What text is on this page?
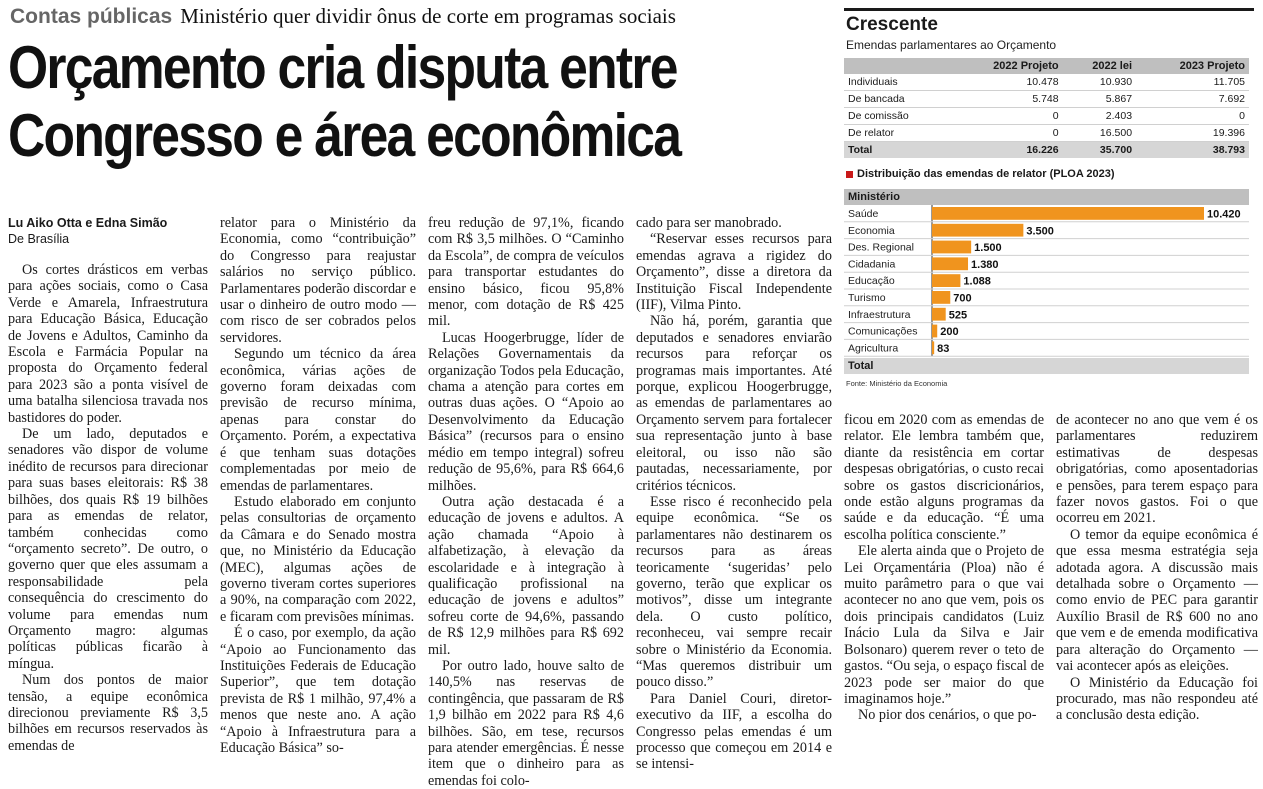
Contas públicas Ministério quer dividir ônus de corte em programas sociais
Orçamento cria disputa entre
Congresso e área econômica
Lu Aiko Otta e Edna Simão
De Brasília

Os cortes drásticos em verbas para ações sociais, como o Casa Verde e Amarela, Infraestrutura para Educação Básica, Educação de Jovens e Adultos, Caminho da Escola e Farmácia Popular na proposta do Orçamento federal para 2023 são a ponta visível de uma batalha silenciosa travada nos bastidores do poder.

De um lado, deputados e senadores vão dispor de volume inédito de recursos para direcionar para suas bases eleitorais: R$ 38 bilhões, dos quais R$ 19 bilhões para as emendas de relator, também conhecidas como “orçamento secreto”. De outro, o governo quer que eles assumam a responsabilidade pela consequência do crescimento do volume para emendas num Orçamento magro: algumas políticas públicas ficarão à míngua.

Num dos pontos de maior tensão, a equipe econômica direcionou previamente R$ 3,5 bilhões em recursos reservados às emendas de

relator para o Ministério da Economia, como “contribuição” do Congresso para reajustar salários no serviço público. Parlamentares poderão discordar e usar o dinheiro de outro modo — com risco de ser cobrados pelos servidores.

Segundo um técnico da área econômica, várias ações de governo foram deixadas com previsão de recurso mínima, apenas para constar do Orçamento. Porém, a expectativa é que tenham suas dotações complementadas por meio de emendas de parlamentares.

Estudo elaborado em conjunto pelas consultorias de orçamento da Câmara e do Senado mostra que, no Ministério da Educação (MEC), algumas ações de governo tiveram cortes superiores a 90%, na comparação com 2022, e ficaram com previsões mínimas.

É o caso, por exemplo, da ação “Apoio ao Funcionamento das Instituições Federais de Educação Superior”, que tem dotação prevista de R$ 1 milhão, 97,4% a menos que neste ano. A ação “Apoio à Infraestrutura para a Educação Básica” so-

freu redução de 97,1%, ficando com R$ 3,5 milhões. O “Caminho da Escola”, de compra de veículos para transportar estudantes do ensino básico, ficou 95,8% menor, com dotação de R$ 425 mil.

Lucas Hoogerbrugge, líder de Relações Governamentais da organização Todos pela Educação, chama a atenção para cortes em outras duas ações. O “Apoio ao Desenvolvimento da Educação Básica” (recursos para o ensino médio em tempo integral) sofreu redução de 95,6%, para R$ 664,6 milhões.

Outra ação destacada é a educação de jovens e adultos. A ação chamada “Apoio à alfabetização, à elevação da escolaridade e à integração à qualificação profissional na educação de jovens e adultos” sofreu corte de 94,6%, passando de R$ 12,9 milhões para R$ 692 mil.

Por outro lado, houve salto de 140,5% nas reservas de contingência, que passaram de R$ 1,9 bilhão em 2022 para R$ 4,6 bilhões. São, em tese, recursos para atender emergências. É nesse item que o dinheiro para as emendas foi colo-

cado para ser manobrado.

“Reservar esses recursos para emendas agrava a rigidez do Orçamento”, disse a diretora da Instituição Fiscal Independente (IIF), Vilma Pinto.

Não há, porém, garantia que deputados e senadores enviarão recursos para reforçar os programas mais importantes. Até porque, explicou Hoogerbrugge, as emendas de parlamentares ao Orçamento servem para fortalecer sua representação junto à base eleitoral, ou isso não são pautadas, necessariamente, por critérios técnicos.

Esse risco é reconhecido pela equipe econômica. “Se os parlamentares não destinarem os recursos para as áreas teoricamente ‘sugeridas’ pelo governo, terão que explicar os motivos”, disse um integrante dela. O custo político, reconheceu, vai sempre recair sobre o Ministério da Economia. “Mas queremos distribuir um pouco disso.”

Para Daniel Couri, diretor-executivo da IIF, a escolha do Congresso pelas emendas é um processo que começou em 2014 e se intensi-

ficou em 2020 com as emendas de relator. Ele lembra também que, diante da resistência em cortar despesas obrigatórias, o custo recai sobre os gastos discricionários, onde estão alguns programas da saúde e da educação. “É uma escolha política consciente.”

Ele alerta ainda que o Projeto de Lei Orçamentária (Ploa) não é muito parâmetro para o que vai acontecer no ano que vem, pois os dois principais candidatos (Luiz Inácio Lula da Silva e Jair Bolsonaro) querem rever o teto de gastos. “Ou seja, o espaço fiscal de 2023 pode ser maior do que imaginamos hoje.”

No pior dos cenários, o que po-

de acontecer no ano que vem é os parlamentares reduzirem estimativas de despesas obrigatórias, como aposentadorias e pensões, para terem espaço para fazer novos gastos. Foi o que ocorreu em 2021.

O temor da equipe econômica é que essa mesma estratégia seja adotada agora. A discussão mais detalhada sobre o Orçamento — como envio de PEC para garantir Auxílio Brasil de R$ 600 no ano que vem e de emenda modificativa para alteração do Orçamento — vai acontecer após as eleições.

O Ministério da Educação foi procurado, mas não respondeu até a conclusão desta edição.

Crescente
Emendas parlamentares ao Orçamento
	2022 Projeto	2022 lei	2023 Projeto
Individuais	10.478	10.930	11.705
De bancada	5.748	5.867	7.692
De comissão	0	2.403	0
De relator	0	16.500	19.396
Total	16.226	35.700	38.793
Distribuição das emendas de relator (PLOA 2023)
Ministério
Saúde	10.420
Economia	3.500
Des. Regional	1.500
Cidadania	1.380
Educação	1.088
Turismo	700
Infraestrutura	525
Comunicações 200
Agricultura	83
Total
Fonte: Ministério da Economia
